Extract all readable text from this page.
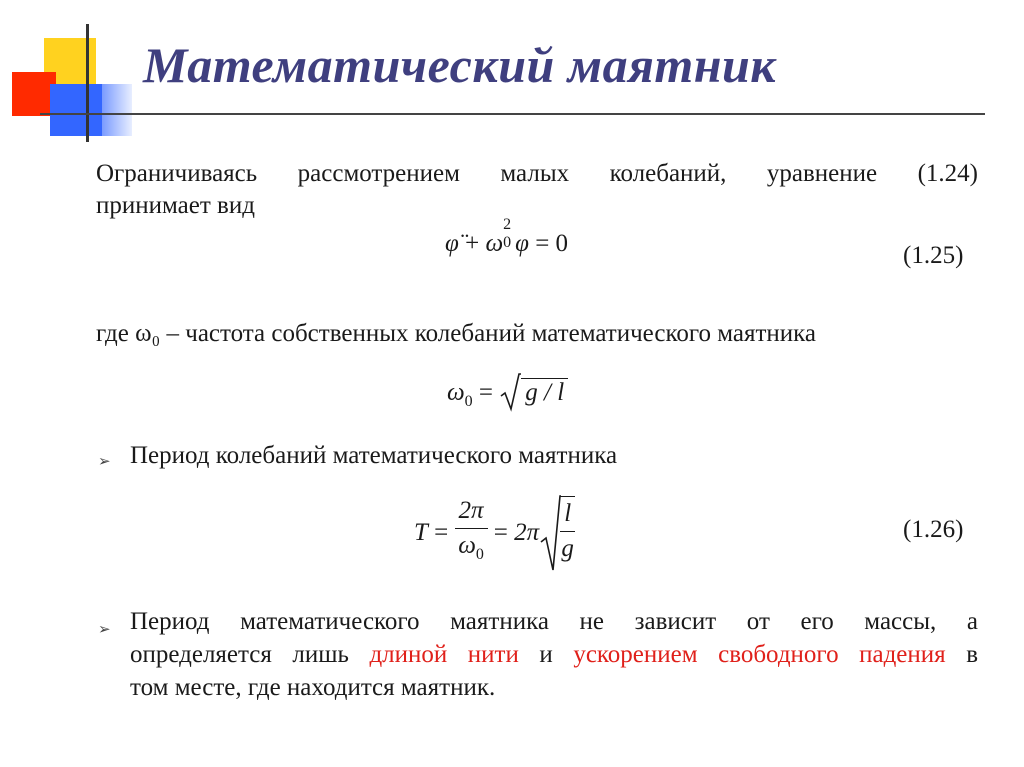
Математический маятник
Ограничиваясь рассмотрением малых колебаний, уравнение (1.24)
принимает вид
φ̈ + ω
2
0 φ = 0	(1.25)
где ω₀ – частота собственных колебаний математического маятника
$\omega_0 = g / l$
➢ Период колебаний математического маятника
$T = \frac{2\pi}{\omega_0} = 2\pi \frac{l}{g}$	(1.26)
➢ Период математического маятника не зависит от его массы, а
определяется лишь длиной нити и ускорением свободного падения в
том месте, где находится маятник.
